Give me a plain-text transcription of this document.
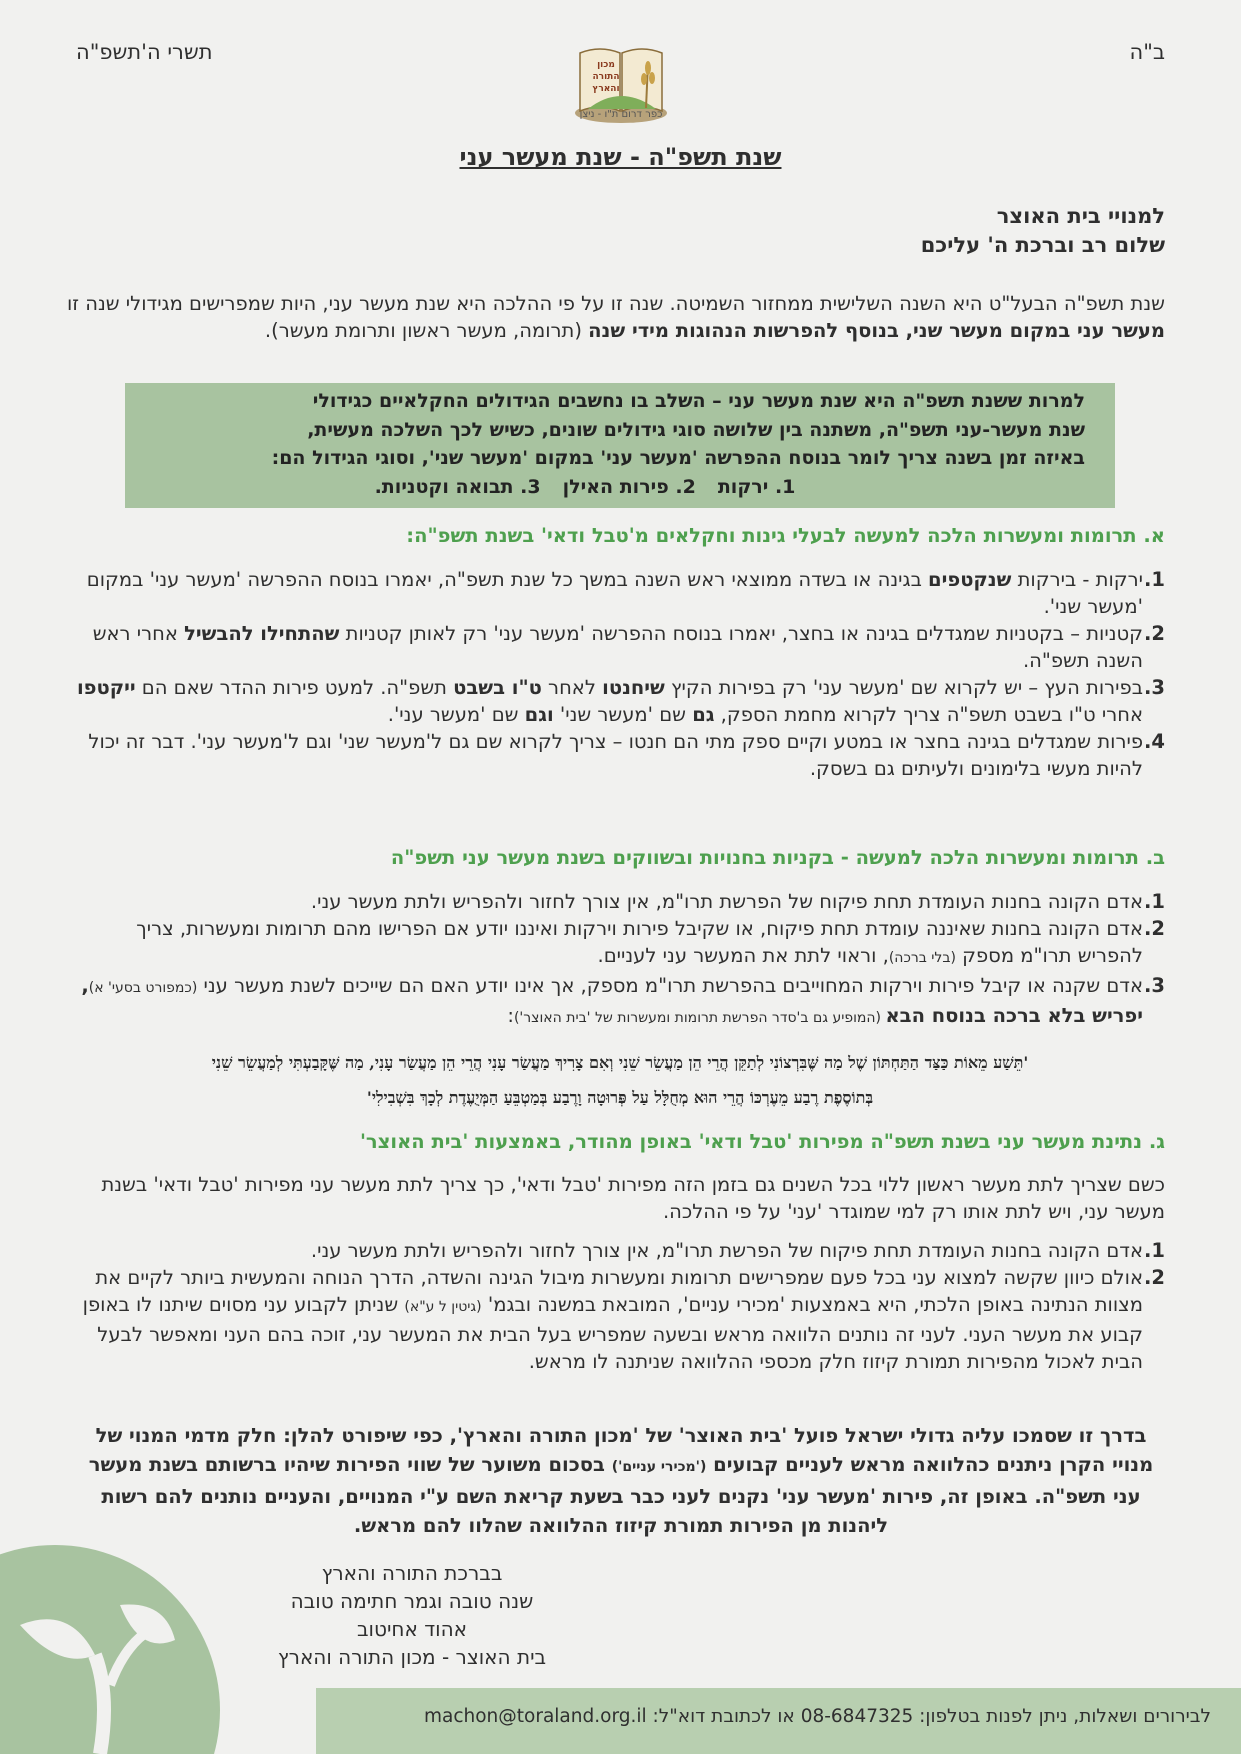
ב"ה
תשרי ה'תשפ"ה
מכון
התורה
והארץ
כפר דרום ת"ו - ניצן
שנת תשפ"ה - שנת מעשר עני
למנויי בית האוצר
שלום רב וברכת ה' עליכם
שנת תשפ"ה הבעל"ט היא השנה השלישית ממחזור השמיטה. שנה זו על פי ההלכה היא שנת מעשר עני, היות שמפרישים מגידולי שנה זו מעשר עני במקום מעשר שני, בנוסף להפרשות הנהוגות מידי שנה (תרומה, מעשר ראשון ותרומת מעשר).
למרות ששנת תשפ"ה היא שנת מעשר עני – השלב בו נחשבים הגידולים החקלאיים כגידולי
שנת מעשר-עני תשפ"ה, משתנה בין שלושה סוגי גידולים שונים, כשיש לכך השלכה מעשית,
באיזה זמן בשנה צריך לומר בנוסח ההפרשה 'מעשר עני' במקום 'מעשר שני', וסוגי הגידול הם:
1. ירקות
2. פירות האילן
3. תבואה וקטניות.
א. תרומות ומעשרות הלכה למעשה לבעלי גינות וחקלאים מ'טבל ודאי' בשנת תשפ"ה:
1.
ירקות - בירקות שנקטפים בגינה או בשדה ממוצאי ראש השנה במשך כל שנת תשפ"ה, יאמרו בנוסח ההפרשה 'מעשר עני' במקום 'מעשר שני'.
2.
קטניות – בקטניות שמגדלים בגינה או בחצר, יאמרו בנוסח ההפרשה 'מעשר עני' רק לאותן קטניות שהתחילו להבשיל אחרי ראש השנה תשפ"ה.
3.
בפירות העץ – יש לקרוא שם 'מעשר עני' רק בפירות הקיץ שיחנטו לאחר ט"ו בשבט תשפ"ה. למעט פירות ההדר שאם הם ייקטפו אחרי ט"ו בשבט תשפ"ה צריך לקרוא מחמת הספק, גם שם 'מעשר שני' וגם שם 'מעשר עני'.
4.
פירות שמגדלים בגינה בחצר או במטע וקיים ספק מתי הם חנטו – צריך לקרוא שם גם ל'מעשר שני' וגם ל'מעשר עני'. דבר זה יכול להיות מעשי בלימונים ולעיתים גם בשסק.
ב. תרומות ומעשרות הלכה למעשה - בקניות בחנויות ובשווקים בשנת מעשר עני תשפ"ה
1.
אדם הקונה בחנות העומדת תחת פיקוח של הפרשת תרו"מ, אין צורך לחזור ולהפריש ולתת מעשר עני.
2.
אדם הקונה בחנות שאיננה עומדת תחת פיקוח, או שקיבל פירות וירקות ואיננו יודע אם הפרישו מהם תרומות ומעשרות, צריך להפריש תרו"מ מספק (בלי ברכה), וראוי לתת את המעשר עני לעניים.
3.
אדם שקנה או קיבל פירות וירקות המחוייבים בהפרשת תרו"מ מספק, אך אינו יודע האם הם שייכים לשנת מעשר עני (כמפורט בסעי' א), יפריש בלא ברכה בנוסח הבא (המופיע גם ב'סדר הפרשת תרומות ומעשרות של 'בית האוצר'):
'תֵּשַׁע מֵאוֹת כַּצַּד הַתַּחְתּוֹן שֶׁל מַה שֶּׁבִּרְצוֹנִי לְתַקֵּן הֲרֵי הֵן מַעֲשֵׂר שֵׁנִי וְאִם צָרִיךְ מַעֲשַׂר עָנִי הֲרֵי הֵן מַעֲשַׂר עָנִי, מַה שֶּׁקָּבַעְתִּי לְמַעֲשֵׂר שֵׁנִי
בְּתוֹסֶפֶת רֶבַע מֵעֶרְכּוֹ הֲרֵי הוּא מְחֻלָּל עַל פְּרוּטָה וָרֶבַע בְּמַטְבֵּעַ הַמְּיֻעֶדֶת לְכָךְ בִּשְׁבִילִי'
ג. נתינת מעשר עני בשנת תשפ"ה מפירות 'טבל ודאי' באופן מהודר, באמצעות 'בית האוצר'
כשם שצריך לתת מעשר ראשון ללוי בכל השנים גם בזמן הזה מפירות 'טבל ודאי', כך צריך לתת מעשר עני מפירות 'טבל ודאי' בשנת מעשר עני, ויש לתת אותו רק למי שמוגדר 'עני' על פי ההלכה.
1.
אדם הקונה בחנות העומדת תחת פיקוח של הפרשת תרו"מ, אין צורך לחזור ולהפריש ולתת מעשר עני.
2.
אולם כיוון שקשה למצוא עני בכל פעם שמפרישים תרומות ומעשרות מיבול הגינה והשדה, הדרך הנוחה והמעשית ביותר לקיים את מצוות הנתינה באופן הלכתי, היא באמצעות 'מכירי עניים', המובאת במשנה ובגמ' (גיטין ל ע"א) שניתן לקבוע עני מסוים שיתנו לו באופן קבוע את מעשר העני. לעני זה נותנים הלוואה מראש ובשעה שמפריש בעל הבית את המעשר עני, זוכה בהם העני ומאפשר לבעל הבית לאכול מהפירות תמורת קיזוז חלק מכספי ההלוואה שניתנה לו מראש.
בדרך זו שסמכו עליה גדולי ישראל פועל 'בית האוצר' של 'מכון התורה והארץ', כפי שיפורט להלן: חלק מדמי המנוי של מנויי הקרן ניתנים כהלוואה מראש לעניים קבועים ('מכירי עניים') בסכום משוער של שווי הפירות שיהיו ברשותם בשנת מעשר עני תשפ"ה. באופן זה, פירות 'מעשר עני' נקנים לעני כבר בשעת קריאת השם ע"י המנויים, והעניים נותנים להם רשות ליהנות מן הפירות תמורת קיזוז ההלוואה שהלוו להם מראש.
בברכת התורה והארץ
שנה טובה וגמר חתימה טובה
אהוד אחיטוב
בית האוצר - מכון התורה והארץ
לבירורים ושאלות, ניתן לפנות בטלפון: 08-6847325 או לכתובת דוא"ל: machon@toraland.org.il
